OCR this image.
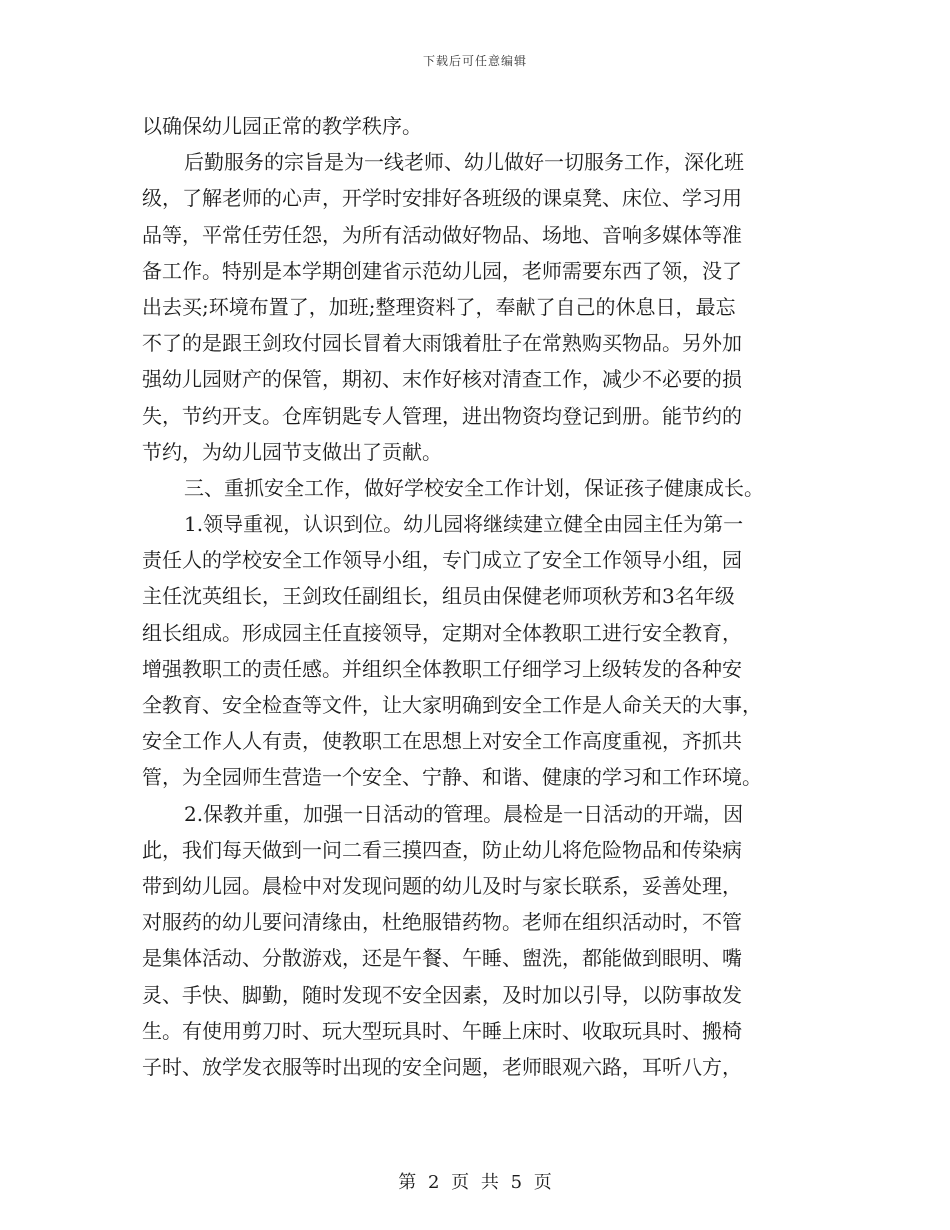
下载后可任意编辑
以确保幼儿园正常的教学秩序。
后勤服务的宗旨是为一线老师、幼儿做好一切服务工作，深化班
级，了解老师的心声，开学时安排好各班级的课桌凳、床位、学习用
品等，平常任劳任怨，为所有活动做好物品、场地、音响多媒体等准
备工作。特别是本学期创建省示范幼儿园，老师需要东西了领，没了
出去买;环境布置了，加班;整理资料了，奉献了自己的休息日，最忘
不了的是跟王剑玫付园长冒着大雨饿着肚子在常熟购买物品。另外加
强幼儿园财产的保管，期初、末作好核对清查工作，减少不必要的损
失，节约开支。仓库钥匙专人管理，进出物资均登记到册。能节约的
节约，为幼儿园节支做出了贡献。
三、重抓安全工作，做好学校安全工作计划，保证孩子健康成长。
1.领导重视，认识到位。幼儿园将继续建立健全由园主任为第一
责任人的学校安全工作领导小组，专门成立了安全工作领导小组，园
主任沈英组长，王剑玫任副组长，组员由保健老师项秋芳和3名年级
组长组成。形成园主任直接领导，定期对全体教职工进行安全教育，
增强教职工的责任感。并组织全体教职工仔细学习上级转发的各种安
全教育、安全检查等文件，让大家明确到安全工作是人命关天的大事，
安全工作人人有责，使教职工在思想上对安全工作高度重视，齐抓共
管，为全园师生营造一个安全、宁静、和谐、健康的学习和工作环境。
2.保教并重，加强一日活动的管理。晨检是一日活动的开端，因
此，我们每天做到一问二看三摸四查，防止幼儿将危险物品和传染病
带到幼儿园。晨检中对发现问题的幼儿及时与家长联系，妥善处理，
对服药的幼儿要问清缘由，杜绝服错药物。老师在组织活动时，不管
是集体活动、分散游戏，还是午餐、午睡、盥洗，都能做到眼明、嘴
灵、手快、脚勤，随时发现不安全因素，及时加以引导，以防事故发
生。有使用剪刀时、玩大型玩具时、午睡上床时、收取玩具时、搬椅
子时、放学发衣服等时出现的安全问题，老师眼观六路，耳听八方，
第 2 页 共 5 页
